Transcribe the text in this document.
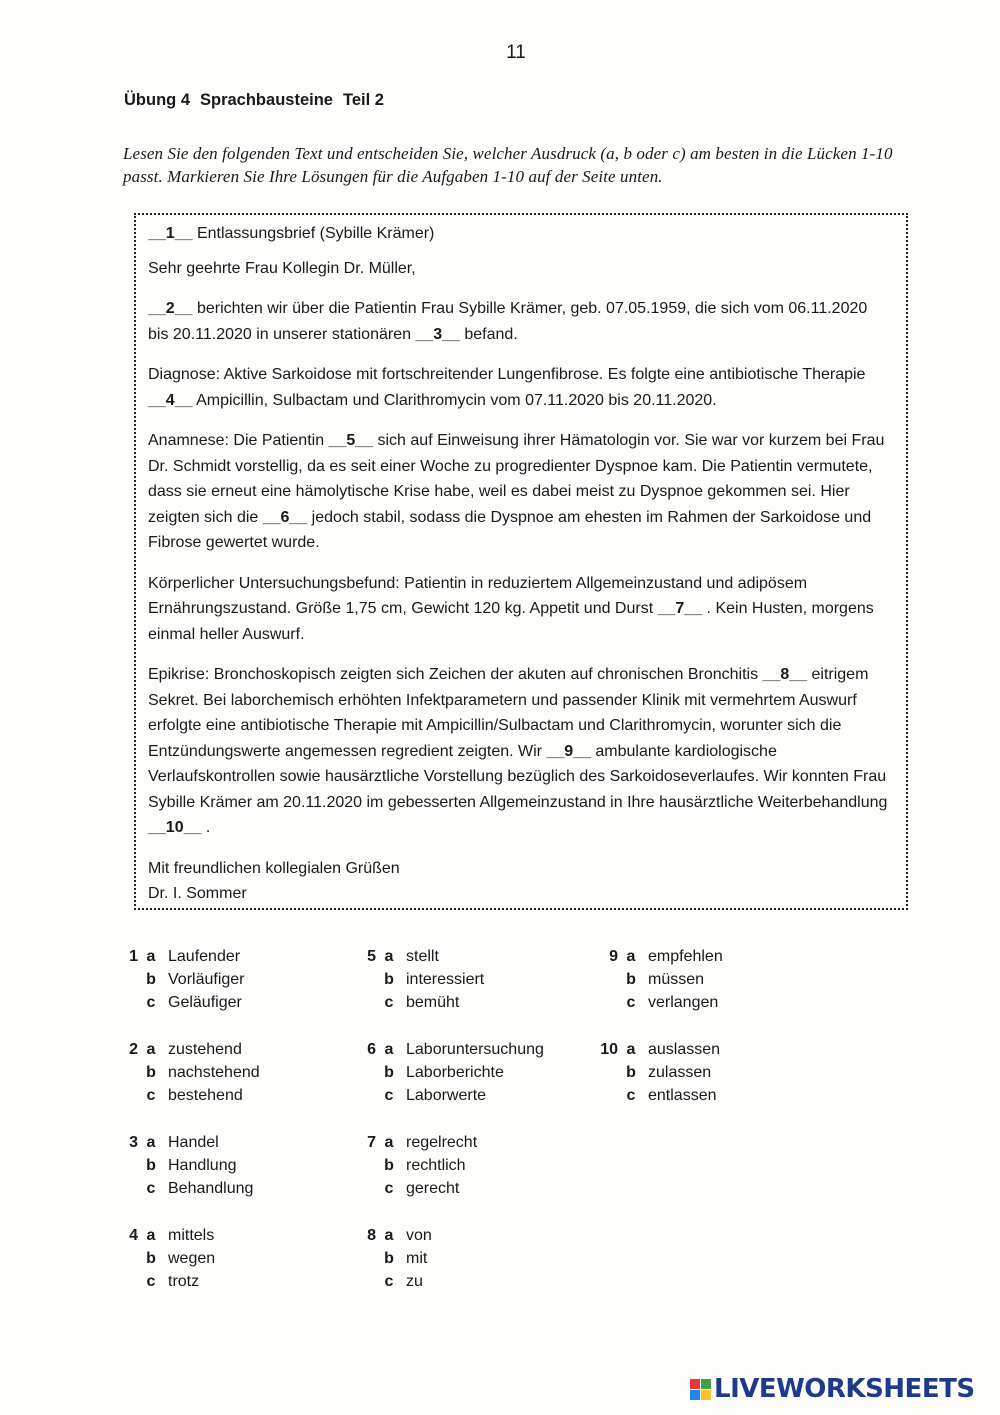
11
Übung 4 Sprachbausteine Teil 2
Lesen Sie den folgenden Text und entscheiden Sie, welcher Ausdruck (a, b oder c) am besten in die Lücken 1-10 passt. Markieren Sie Ihre Lösungen für die Aufgaben 1-10 auf der Seite unten.

__1__ Entlassungsbrief (Sybille Krämer)

Sehr geehrte Frau Kollegin Dr. Müller,

__2__ berichten wir über die Patientin Frau Sybille Krämer, geb. 07.05.1959, die sich vom 06.11.2020 bis 20.11.2020 in unserer stationären __3__ befand.

Diagnose: Aktive Sarkoidose mit fortschreitender Lungenfibrose. Es folgte eine antibiotische Therapie __4__ Ampicillin, Sulbactam und Clarithromycin vom 07.11.2020 bis 20.11.2020.

Anamnese: Die Patientin __5__ sich auf Einweisung ihrer Hämatologin vor. Sie war vor kurzem bei Frau Dr. Schmidt vorstellig, da es seit einer Woche zu progredienter Dyspnoe kam. Die Patientin vermutete, dass sie erneut eine hämolytische Krise habe, weil es dabei meist zu Dyspnoe gekommen sei. Hier zeigten sich die __6__ jedoch stabil, sodass die Dyspnoe am ehesten im Rahmen der Sarkoidose und Fibrose gewertet wurde.

Körperlicher Untersuchungsbefund: Patientin in reduziertem Allgemeinzustand und adipösem Ernährungszustand. Größe 1,75 cm, Gewicht 120 kg. Appetit und Durst __7__ . Kein Husten, morgens einmal heller Auswurf.

Epikrise: Bronchoskopisch zeigten sich Zeichen der akuten auf chronischen Bronchitis __8__ eitrigem Sekret. Bei laborchemisch erhöhten Infektparametern und passender Klinik mit vermehrtem Auswurf erfolgte eine antibiotische Therapie mit Ampicillin/Sulbactam und Clarithromycin, worunter sich die Entzündungswerte angemessen regredient zeigten. Wir __9__ ambulante kardiologische Verlaufskontrollen sowie hausärztliche Vorstellung bezüglich des Sarkoidoseverlaufes. Wir konnten Frau Sybille Krämer am 20.11.2020 im gebesserten Allgemeinzustand in Ihre hausärztliche Weiterbehandlung __10__ .

Mit freundlichen kollegialen Grüßen

Dr. I. Sommer

1 a Laufender
b Vorläufiger
c Geläufiger
2 a zustehend
b nachstehend
c bestehend
3 a Handel
b Handlung
c Behandlung
4 a mittels
b wegen
c trotz
5 a stellt
b interessiert
c bemüht
6 a Laboruntersuchung
b Laborberichte
c Laborwerte
7 a regelrecht
b rechtlich
c gerecht
8 a von
b mit
c zu
9 a empfehlen
b müssen
c verlangen
10 a auslassen
b zulassen
c entlassen
LIVEWORKSHEETS
